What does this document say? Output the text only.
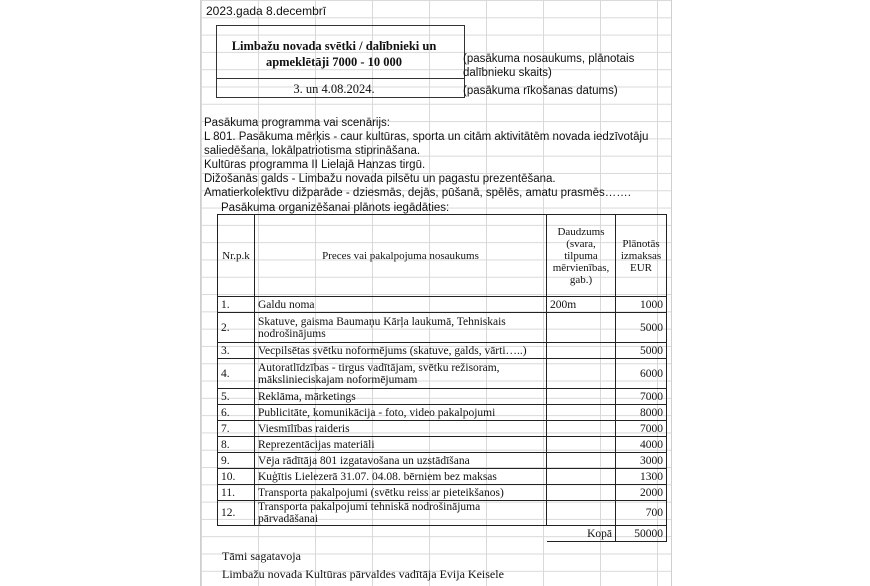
2023.gada 8.decembrī
Limbažu novada svētki / dalībnieki un apmeklētāji 7000 - 10 000
3. un 4.08.2024.
(pasākuma nosaukums, plānotais dalībnieku skaits)
(pasākuma rīkošanas datums)
Pasākuma programma vai scenārijs:
L 801. Pasākuma mērķis - caur kultūras, sporta un citām aktivitātēm novada iedzīvotāju
saliedēšana, lokālpatriotisma stiprināšana.
Kultūras programma II Lielajā Hanzas tirgū.
Dižošanās galds - Limbažu novada pilsētu un pagastu prezentēšana.
Amatierkolektīvu dižparāde - dziesmās, dejās, pūšanā, spēlēs, amatu prasmēs…….
Pasākuma organizēšanai plānots iegādāties:
Nr.p.k	Preces vai pakalpojuma nosaukums	Daudzums (svara, tilpuma mērvienības, gab.)	Plānotās izmaksas EUR
1.	Galdu noma	200m	1000
2.	Skatuve, gaisma Baumaņu Kārļa laukumā, Tehniskais nodrošinājums		5000
3.	Vecpilsētas svētku noformējums (skatuve, galds, vārti…..)		5000
4.	Autoratlīdzības - tirgus vadītājam, svētku režisoram, mākslinieciskajam noformējumam		6000
5.	Reklāma, mārketings		7000
6.	Publicitāte, komunikācija - foto, video pakalpojumi		8000
7.	Viesmīlības raideris		7000
8.	Reprezentācijas materiāli		4000
9.	Vēja rādītāja 801 izgatavošana un uzstādīšana		3000
10.	Kuģītis Lielezerā 31.07. 04.08. bērniem bez maksas		1300
11.	Transporta pakalpojumi (svētku reiss ar pieteikšanos)		2000
12.	Transporta pakalpojumi tehniskā nodrošinājuma pārvadāšanai		700
		Kopā	50000
Tāmi sagatavoja
Limbažu novada Kultūras pārvaldes vadītāja Evija Keisele
